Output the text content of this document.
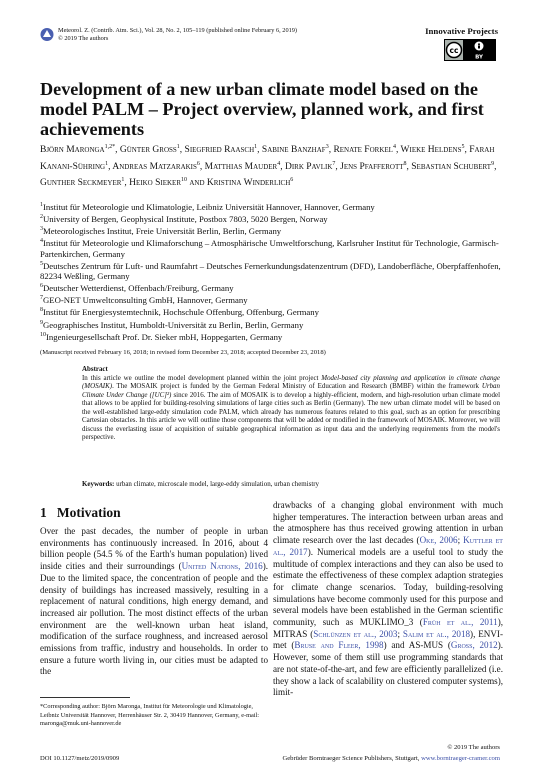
Meteorol. Z. (Contrib. Atm. Sci.), Vol. 28, No. 2, 105–119 (published online February 6, 2019)
© 2019 The authors
Innovative Projects
cc
BY
Development of a new urban climate model based on the model PALM – Project overview, planned work, and first achievements
Björn Maronga$^{1,2*}$, Günter Gross$^1$, Siegfried Raasch$^1$, Sabine Banzhaf$^3$, Renate Forkel$^4$, Wieke Heldens$^5$, Farah Kanani-Sühring$^1$, Andreas Matzarakis$^6$, Matthias Mauder$^4$, Dirk Pavlik$^7$, Jens Pfafferott$^8$, Sebastian Schubert$^9$, Gunther Seckmeyer$^1$, Heiko Sieker$^{10}$ and Kristina Winderlich$^6$
$^1$Institut für Meteorologie und Klimatologie, Leibniz Universität Hannover, Hannover, Germany
$^2$University of Bergen, Geophysical Institute, Postbox 7803, 5020 Bergen, Norway
$^3$Meteorologisches Institut, Freie Universität Berlin, Berlin, Germany
$^4$Institut für Meteorologie und Klimaforschung – Atmosphärische Umweltforschung, Karlsruher Institut für Technologie, Garmisch-Partenkirchen, Germany
$^5$Deutsches Zentrum für Luft- und Raumfahrt – Deutsches Fernerkundungsdatenzentrum (DFD), Landoberfläche, Oberpfaffenhofen, 82234 Weßling, Germany
$^6$Deutscher Wetterdienst, Offenbach/Freiburg, Germany
$^7$GEO-NET Umweltconsulting GmbH, Hannover, Germany
$^8$Institut für Energiesystemtechnik, Hochschule Offenburg, Offenburg, Germany
$^9$Geographisches Institut, Humboldt-Universität zu Berlin, Berlin, Germany
$^{10}$Ingenieurgesellschaft Prof. Dr. Sieker mbH, Hoppegarten, Germany
(Manuscript received February 16, 2018; in revised form December 23, 2018; accepted December 23, 2018)
Abstract
In this article we outline the model development planned within the joint project Model-based city planning and application in climate change (MOSAIK). The MOSAIK project is funded by the German Federal Ministry of Education and Research (BMBF) within the framework Urban Climate Under Change ([UC]²) since 2016. The aim of MOSAIK is to develop a highly-efficient, modern, and high-resolution urban climate model that allows to be applied for building-resolving simulations of large cities such as Berlin (Germany). The new urban climate model will be based on the well-established large-eddy simulation code PALM, which already has numerous features related to this goal, such as an option for prescribing Cartesian obstacles. In this article we will outline those components that will be added or modified in the framework of MOSAIK. Moreover, we will discuss the everlasting issue of acquisition of suitable geographical information as input data and the underlying requirements from the model's perspective.
Keywords: urban climate, microscale model, large-eddy simulation, urban chemistry
1 Motivation
Over the past decades, the number of people in urban environments has continuously increased. In 2016, about 4 billion people (54.5 % of the Earth's human population) lived inside cities and their surroundings (United Nations, 2016). Due to the limited space, the concentration of people and the density of buildings has increased massively, resulting in a replacement of natural conditions, high energy demand, and increased air pollution. The most distinct effects of the urban environment are the well-known urban heat island, modification of the surface roughness, and increased aerosol emissions from traffic, industry and households. In order to ensure a future worth living in, our cities must be adapted to the
drawbacks of a changing global environment with much higher temperatures. The interaction between urban areas and the atmosphere has thus received growing attention in urban climate research over the last decades (Oke, 2006; Kuttler et al., 2017). Numerical models are a useful tool to study the multitude of complex interactions and they can also be used to estimate the effectiveness of these complex adaption strategies for climate change scenarios. Today, building-resolving simulations have become commonly used for this purpose and several models have been established in the German scientific community, such as MUKLIMO_3 (Früh et al., 2011), MITRAS (Schlünzen et al., 2003; Salim et al., 2018), ENVI-met (Bruse and Fleer, 1998) and AS-MUS (Gross, 2012). However, some of them still use programming standards that are not state-of-the-art, and few are efficiently parallelized (i.e. they show a lack of scalability on clustered computer systems), limit-
*Corresponding author: Björn Maronga, Institut für Meteorologie und Klimatologie, Leibniz Universität Hannover, Herrenhäuser Str. 2, 30419 Hannover, Germany, e-mail: maronga@muk.uni-hannover.de
© 2019 The authors
DOI 10.1127/metz/2019/0909	Gebrüder Borntraeger Science Publishers, Stuttgart, www.borntraeger-cramer.com
